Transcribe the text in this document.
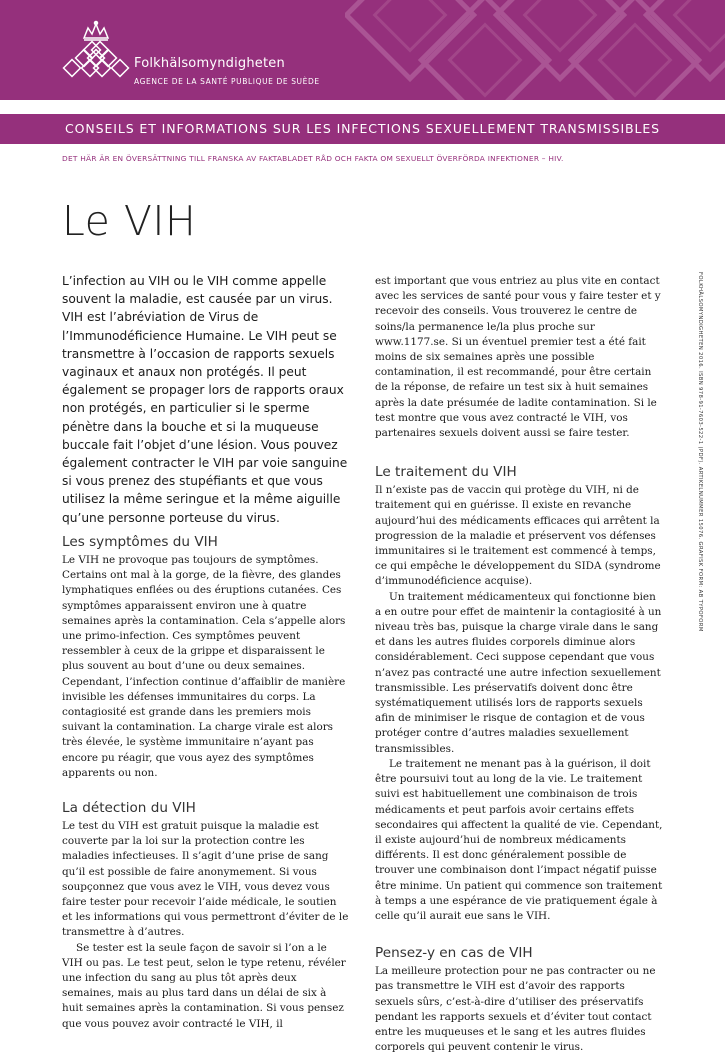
Folkhälsomyndigheten
AGENCE DE LA SANTÉ PUBLIQUE DE SUÈDE
CONSEILS ET INFORMATIONS SUR LES INFECTIONS SEXUELLEMENT TRANSMISSIBLES
DET HÄR ÄR EN ÖVERSÄTTNING TILL FRANSKA AV FAKTABLADET RÅD OCH FAKTA OM SEXUELLT ÖVERFÖRDA INFEKTIONER – HIV.
Le VIH

L’infection au VIH ou le VIH comme appelle souvent la maladie, est causée par un virus. VIH est l’abréviation de Virus de l’Immunodéficience Humaine. Le VIH peut se transmettre à l’occasion de rapports sexuels vaginaux et anaux non protégés. Il peut également se propager lors de rapports oraux non protégés, en particulier si le sperme pénètre dans la bouche et si la muqueuse buccale fait l’objet d’une lésion. Vous pouvez également contracter le VIH par voie sanguine si vous prenez des stupéfiants et que vous utilisez la même seringue et la même aiguille qu’une personne porteuse du virus.

Les symptômes du VIH

Le VIH ne provoque pas toujours de symptômes. Certains ont mal à la gorge, de la fièvre, des glandes lymphatiques enflées ou des éruptions cutanées. Ces symptômes apparaissent environ une à quatre semaines après la contamination. Cela s’appelle alors une primo-infection. Ces symptômes peuvent ressembler à ceux de la grippe et disparaissent le plus souvent au bout d’une ou deux semaines. Cependant, l’infection continue d’affaiblir de manière invisible les défenses immunitaires du corps. La contagiosité est grande dans les premiers mois suivant la contamination. La charge virale est alors très élevée, le système immunitaire n’ayant pas encore pu réagir, que vous ayez des symptômes apparents ou non.

La détection du VIH

Le test du VIH est gratuit puisque la maladie est couverte par la loi sur la protection contre les maladies infectieuses. Il s’agit d’une prise de sang qu’il est possible de faire anonymement. Si vous soupçonnez que vous avez le VIH, vous devez vous faire tester pour recevoir l’aide médicale, le soutien et les informations qui vous permettront d’éviter de le transmettre à d’autres.

Se tester est la seule façon de savoir si l’on a le VIH ou pas. Le test peut, selon le type retenu, révéler une infection du sang au plus tôt après deux semaines, mais au plus tard dans un délai de six à huit semaines après la contamination. Si vous pensez que vous pouvez avoir contracté le VIH, il

est important que vous entriez au plus vite en contact avec les services de santé pour vous y faire tester et y recevoir des conseils. Vous trouverez le centre de soins/la permanence le/la plus proche sur www.1177.se. Si un éventuel premier test a été fait moins de six semaines après une possible contamination, il est recommandé, pour être certain de la réponse, de refaire un test six à huit semaines après la date présumée de ladite contamination. Si le test montre que vous avez contracté le VIH, vos partenaires sexuels doivent aussi se faire tester.

Le traitement du VIH

Il n’existe pas de vaccin qui protège du VIH, ni de traitement qui en guérisse. Il existe en revanche aujourd’hui des médicaments efficaces qui arrêtent la progression de la maladie et préservent vos défenses immunitaires si le traitement est commencé à temps, ce qui empêche le développement du SIDA (syndrome d’immunodéficience acquise).

Un traitement médicamenteux qui fonctionne bien a en outre pour effet de maintenir la contagiosité à un niveau très bas, puisque la charge virale dans le sang et dans les autres fluides corporels diminue alors considérablement. Ceci suppose cependant que vous n’avez pas contracté une autre infection sexuellement transmissible. Les préservatifs doivent donc être systématiquement utilisés lors de rapports sexuels afin de minimiser le risque de contagion et de vous protéger contre d’autres maladies sexuellement transmissibles.

Le traitement ne menant pas à la guérison, il doit être poursuivi tout au long de la vie. Le traitement suivi est habituellement une combinaison de trois médicaments et peut parfois avoir certains effets secondaires qui affectent la qualité de vie. Cependant, il existe aujourd’hui de nombreux médicaments différents. Il est donc généralement possible de trouver une combinaison dont l’impact négatif puisse être minime. Un patient qui commence son traitement à temps a une espérance de vie pratiquement égale à celle qu’il aurait eue sans le VIH.

Pensez-y en cas de VIH

La meilleure protection pour ne pas contracter ou ne pas transmettre le VIH est d’avoir des rapports sexuels sûrs, c’est-à-dire d’utiliser des préservatifs pendant les rapports sexuels et d’éviter tout contact entre les muqueuses et le sang et les autres fluides corporels qui peuvent contenir le virus.

FOLKHÄLSOMYNDIGHETEN 2016. ISBN 978-91-7603-522-1 (PDF). ARTIKELNUMMER 15076. GRAFISK FORM: AB TYPOFORM
